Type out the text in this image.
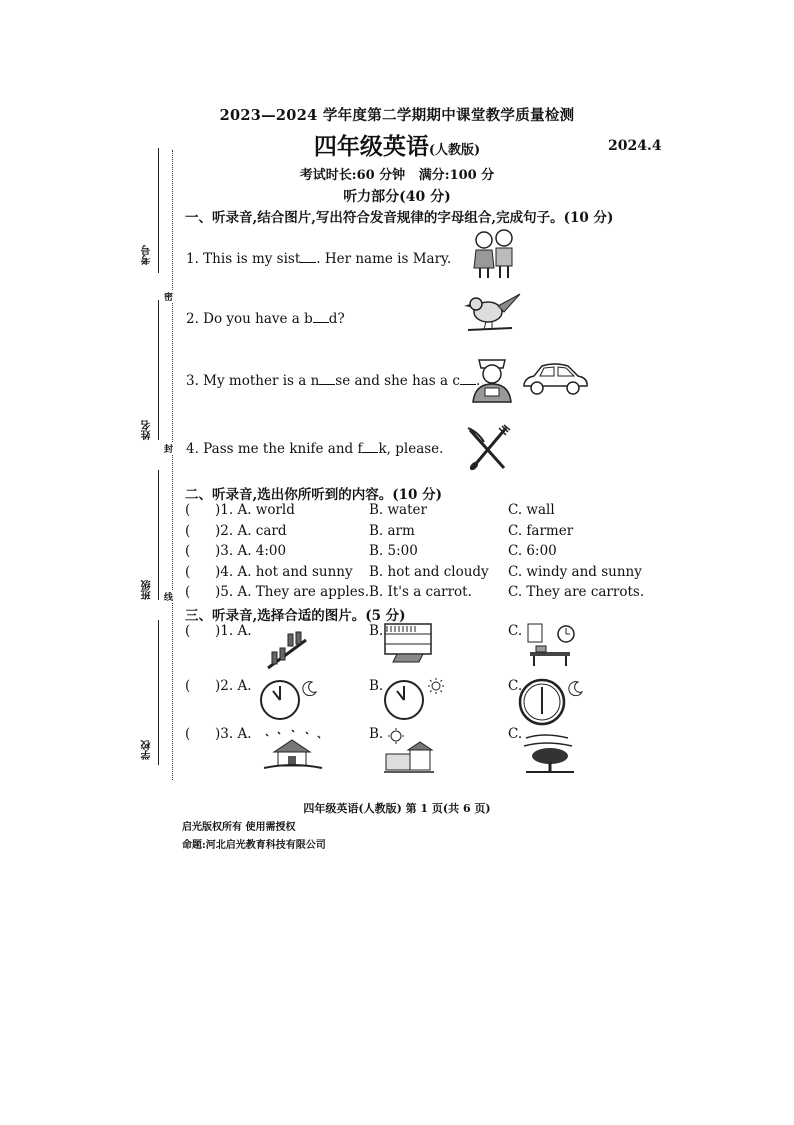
考号
姓名
班级
学校
密
封
线
2023—2024 学年度第二学期期中课堂教学质量检测
四年级英语(人教版)	2024.4
考试时长:60 分钟 满分:100 分
听力部分(40 分)
一、听录音,结合图片,写出符合发音规律的字母组合,完成句子。(10 分)
1. This is my sist . Her name is Mary.
2. Do you have a b d?
3. My mother is a n se and she has a c .
4. Pass me the knife and f k, please.
二、听录音,选出你所听到的内容。(10 分)
( )1. A. world	B. water	C. wall
( )2. A. card	B. arm	C. farmer
( )3. A. 4:00	B. 5:00	C. 6:00
( )4. A. hot and sunny B. hot and cloudy C. windy and sunny
( )5. A. They are apples. B. It's a carrot.	C. They are carrots.
三、听录音,选择合适的图片。(5 分)
( )1. A.	B.	C.
( )2. A.	B.	C.
( )3. A.	B.	C.
四年级英语(人教版) 第 1 页(共 6 页)
启光版权所有 使用需授权
命题:河北启光教育科技有限公司
